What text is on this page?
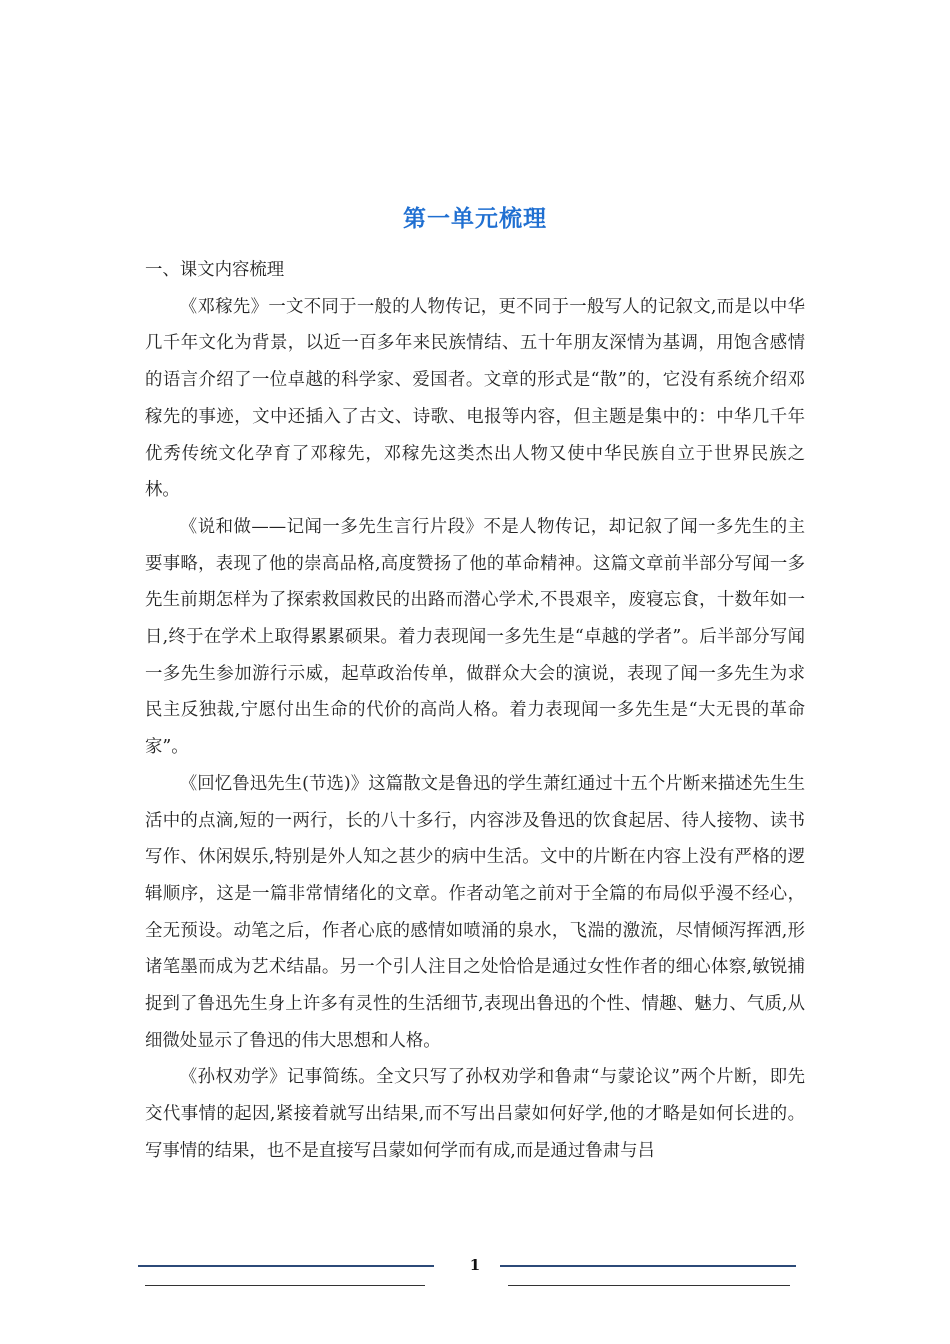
第一单元梳理

一、课文内容梳理

《邓稼先》一文不同于一般的人物传记，更不同于一般写人的记叙文,而是以中华几千年文化为背景，以近一百多年来民族情结、五十年朋友深情为基调，用饱含感情的语言介绍了一位卓越的科学家、爱国者。文章的形式是“散”的，它没有系统介绍邓稼先的事迹，文中还插入了古文、诗歌、电报等内容，但主题是集中的：中华几千年优秀传统文化孕育了邓稼先，邓稼先这类杰出人物又使中华民族自立于世界民族之林。

《说和做——记闻一多先生言行片段》不是人物传记，却记叙了闻一多先生的主要事略，表现了他的崇高品格,高度赞扬了他的革命精神。这篇文章前半部分写闻一多先生前期怎样为了探索救国救民的出路而潜心学术,不畏艰辛，废寝忘食，十数年如一日,终于在学术上取得累累硕果。着力表现闻一多先生是“卓越的学者”。后半部分写闻一多先生参加游行示威，起草政治传单，做群众大会的演说，表现了闻一多先生为求民主反独裁,宁愿付出生命的代价的高尚人格。着力表现闻一多先生是“大无畏的革命家”。

《回忆鲁迅先生(节选)》这篇散文是鲁迅的学生萧红通过十五个片断来描述先生生活中的点滴,短的一两行，长的八十多行，内容涉及鲁迅的饮食起居、待人接物、读书写作、休闲娱乐,特别是外人知之甚少的病中生活。文中的片断在内容上没有严格的逻辑顺序，这是一篇非常情绪化的文章。作者动笔之前对于全篇的布局似乎漫不经心，全无预设。动笔之后，作者心底的感情如喷涌的泉水，飞湍的激流，尽情倾泻挥洒,形诸笔墨而成为艺术结晶。另一个引人注目之处恰恰是通过女性作者的细心体察,敏锐捕捉到了鲁迅先生身上许多有灵性的生活细节,表现出鲁迅的个性、情趣、魅力、气质,从细微处显示了鲁迅的伟大思想和人格。

《孙权劝学》记事简练。全文只写了孙权劝学和鲁肃“与蒙论议”两个片断，即先交代事情的起因,紧接着就写出结果,而不写出吕蒙如何好学,他的才略是如何长进的。写事情的结果，也不是直接写吕蒙如何学而有成,而是通过鲁肃与吕

1
